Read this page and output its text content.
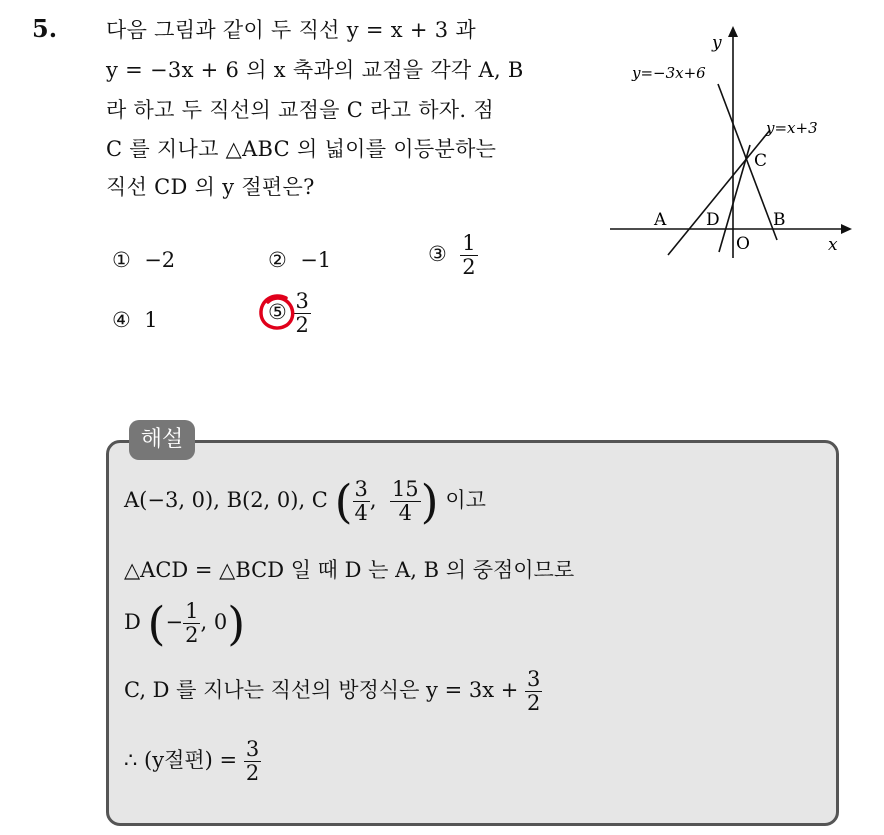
5. 다음 그림과 같이 두 직선 y = x + 3 과
y = −3x + 6 의 x 축과의 교점을 각각 A, B
라 하고 두 직선의 교점을 C 라고 하자. 점
C 를 지나고 △ABC 의 넓이를 이등분하는
직선 CD 의 y 절편은?
① −2	② −1	③ $\frac{1}{2}$
④ 1	⑤ $\frac{3}{2}$
y
x
y=−3x+6
y=x+3
C
A D
O
B
해설
A(−3, 0), B(2, 0), C ( $\frac{3}{4}$ , $\frac{15}{4}$ ) 이고
△ACD = △BCD 일 때 D 는 A, B 의 중점이므로
D (− $\frac{1}{2}$ , 0)
C, D 를 지나는 직선의 방정식은 $y = 3x + \frac{3}{2}$
∴ (y절편) = $\frac{3}{2}$
